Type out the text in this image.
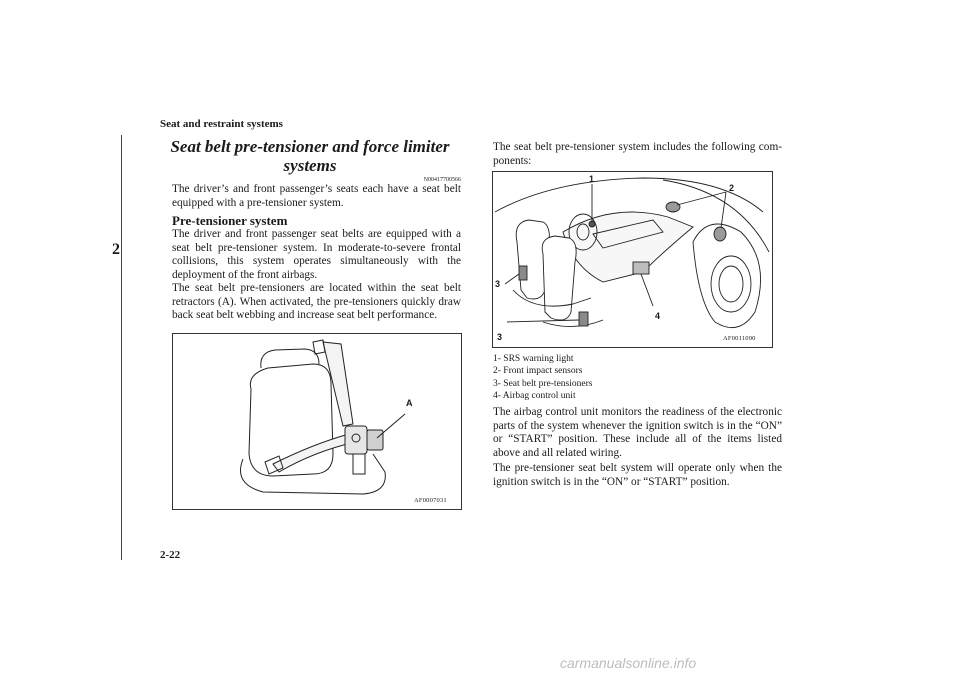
Seat and restraint systems
2
2-22
Seat belt pre-tensioner and force limiter
systems
N00417700566
The driver’s and front passenger’s seats each have a seat belt equipped with a pre-tensioner system.
Pre-tensioner system
The driver and front passenger seat belts are equipped with a seat belt pre-tensioner system. In moderate-to-severe frontal collisions, this system operates simultaneously with the deployment of the front airbags.
The seat belt pre-tensioners are located within the seat belt retractors (A). When activated, the pre-tensioners quickly draw back seat belt webbing and increase seat belt performance.
A
AF0007031
The seat belt pre-tensioner system includes the following com-ponents:
1
2
3
3
4
AF0011090
1- SRS warning light
2- Front impact sensors
3- Seat belt pre-tensioners
4- Airbag control unit
The airbag control unit monitors the readiness of the electronic parts of the system whenever the ignition switch is in the “ON” or “START” position. These include all of the items listed above and all related wiring.
The pre-tensioner seat belt system will operate only when the ignition switch is in the “ON” or “START” position.
carmanualsonline.info
